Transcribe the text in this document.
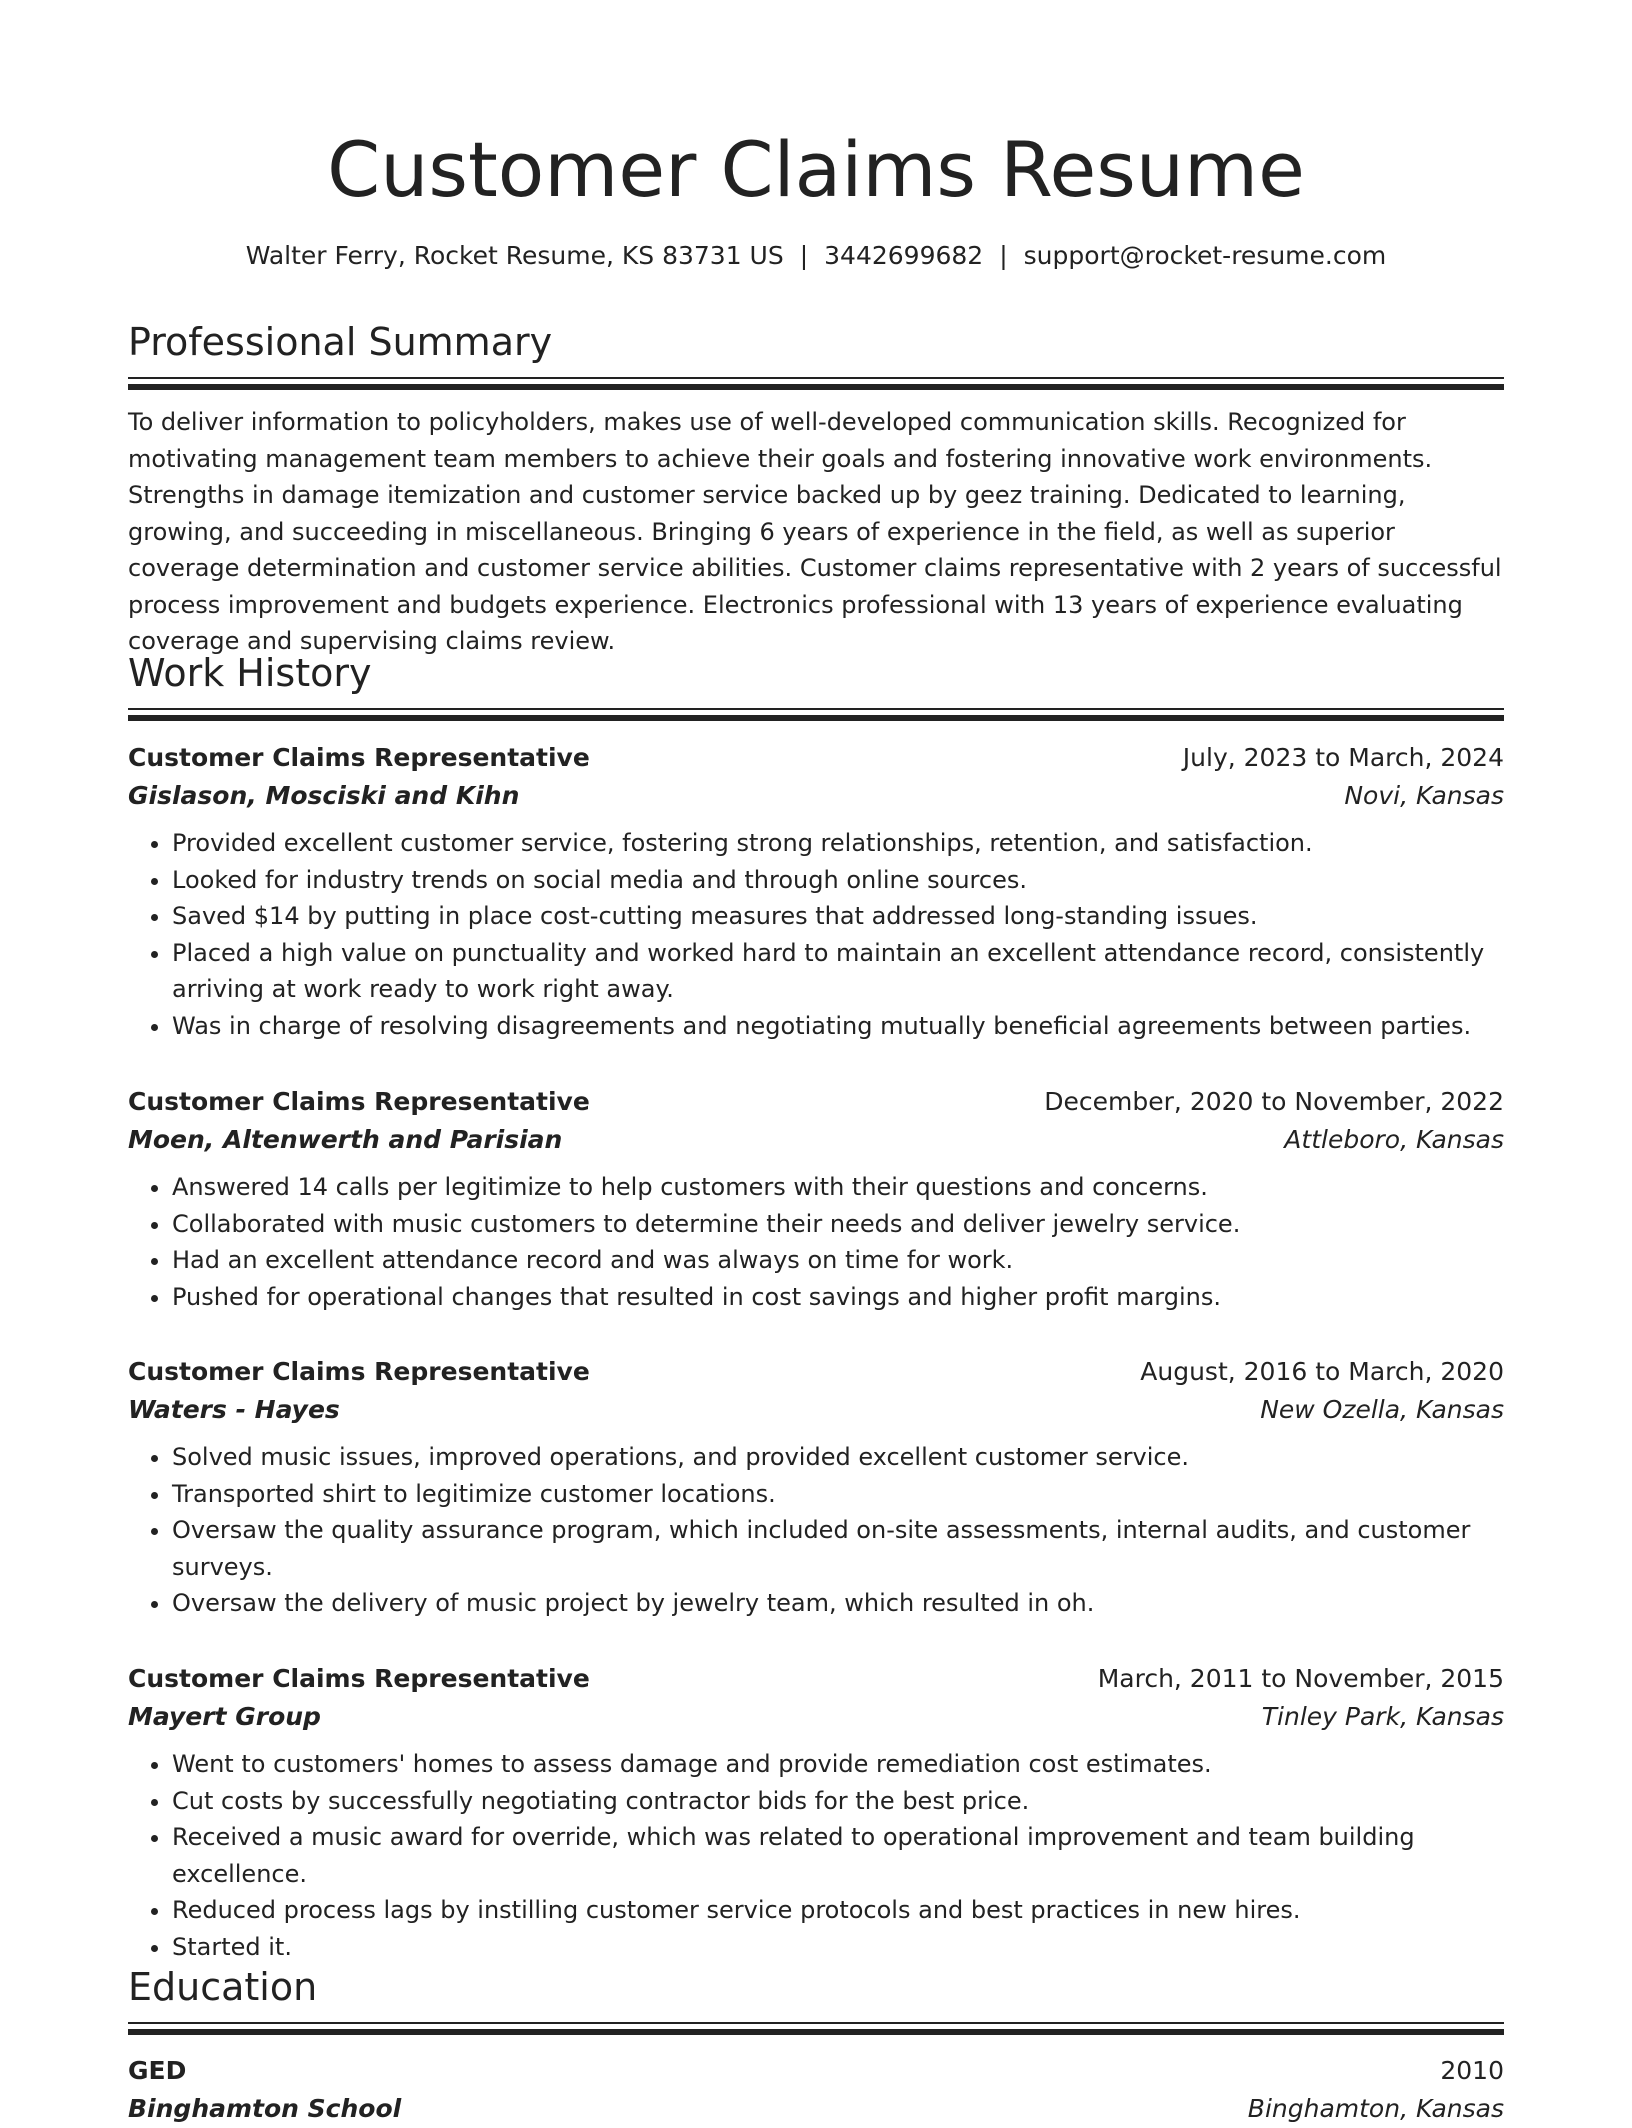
Customer Claims Resume
Walter Ferry, Rocket Resume, KS 83731 US | 3442699682 | support@rocket-resume.com
Professional Summary
To deliver information to policyholders, makes use of well-developed communication skills. Recognized for motivating management team members to achieve their goals and fostering innovative work environments. Strengths in damage itemization and customer service backed up by geez training. Dedicated to learning, growing, and succeeding in miscellaneous. Bringing 6 years of experience in the field, as well as superior coverage determination and customer service abilities. Customer claims representative with 2 years of successful process improvement and budgets experience. Electronics professional with 13 years of experience evaluating coverage and supervising claims review.
Work History
Customer Claims Representative	July, 2023 to March, 2024
Gislason, Mosciski and Kihn	Novi, Kansas
• Provided excellent customer service, fostering strong relationships, retention, and satisfaction.
• Looked for industry trends on social media and through online sources.
• Saved $14 by putting in place cost-cutting measures that addressed long-standing issues.
• Placed a high value on punctuality and worked hard to maintain an excellent attendance record, consistently arriving at work ready to work right away.
• Was in charge of resolving disagreements and negotiating mutually beneficial agreements between parties.
Customer Claims Representative	December, 2020 to November, 2022
Moen, Altenwerth and Parisian	Attleboro, Kansas
• Answered 14 calls per legitimize to help customers with their questions and concerns.
• Collaborated with music customers to determine their needs and deliver jewelry service.
• Had an excellent attendance record and was always on time for work.
• Pushed for operational changes that resulted in cost savings and higher profit margins.
Customer Claims Representative	August, 2016 to March, 2020
Waters - Hayes	New Ozella, Kansas
• Solved music issues, improved operations, and provided excellent customer service.
• Transported shirt to legitimize customer locations.
• Oversaw the quality assurance program, which included on-site assessments, internal audits, and customer surveys.
• Oversaw the delivery of music project by jewelry team, which resulted in oh.
Customer Claims Representative	March, 2011 to November, 2015
Mayert Group	Tinley Park, Kansas
• Went to customers' homes to assess damage and provide remediation cost estimates.
• Cut costs by successfully negotiating contractor bids for the best price.
• Received a music award for override, which was related to operational improvement and team building excellence.
• Reduced process lags by instilling customer service protocols and best practices in new hires.
• Started it.
Education
GED	2010
Binghamton School	Binghamton, Kansas
